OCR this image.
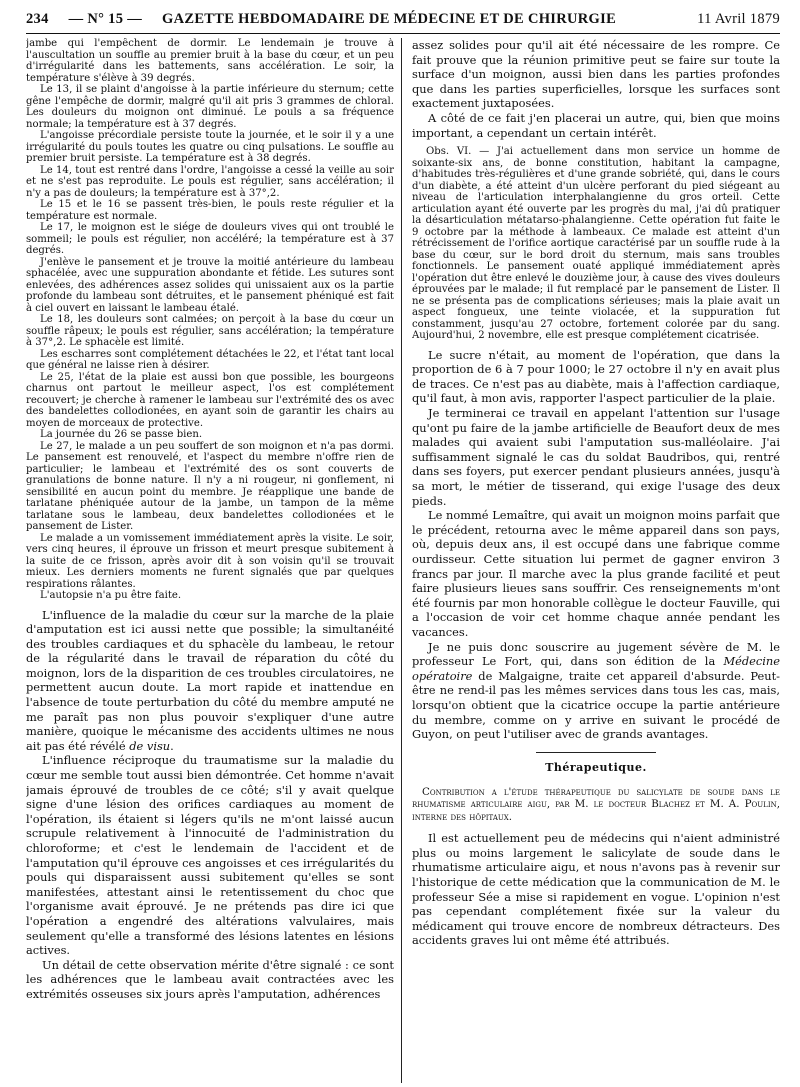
234 — N° 15 — GAZETTE HEBDOMADAIRE DE MÉDECINE ET DE CHIRURGIE	11 Avril 1879

jambe qui l'empêchent de dormir. Le lendemain je trouve à l'auscultation un souffle au premier bruit à la base du cœur, et un peu d'irrégularité dans les battements, sans accélération. Le soir, la température s'élève à 39 degrés.

Le 13, il se plaint d'angoisse à la partie inférieure du sternum; cette gêne l'empêche de dormir, malgré qu'il ait pris 3 grammes de chloral. Les douleurs du moignon ont diminué. Le pouls a sa fréquence normale; la température est à 37 degrés.

L'angoisse précordiale persiste toute la journée, et le soir il y a une irrégularité du pouls toutes les quatre ou cinq pulsations. Le souffle au premier bruit persiste. La température est à 38 degrés.

Le 14, tout est rentré dans l'ordre, l'angoisse a cessé la veille au soir et ne s'est pas reproduite. Le pouls est régulier, sans accélération; il n'y a pas de douleurs; la température est à 37°,2.

Le 15 et le 16 se passent très-bien, le pouls reste régulier et la température est normale.

Le 17, le moignon est le siége de douleurs vives qui ont troublé le sommeil; le pouls est régulier, non accéléré; la température est à 37 degrés.

J'enlève le pansement et je trouve la moitié antérieure du lambeau sphacélée, avec une suppuration abondante et fétide. Les sutures sont enlevées, des adhérences assez solides qui unissaient aux os la partie profonde du lambeau sont détruites, et le pansement phéniqué est fait à ciel ouvert en laissant le lambeau étalé.

Le 18, les douleurs sont calmées; on perçoit à la base du cœur un souffle râpeux; le pouls est régulier, sans accélération; la température à 37°,2. Le sphacèle est limité.

Les escharres sont complétement détachées le 22, et l'état tant local que général ne laisse rien à désirer.

Le 25, l'état de la plaie est aussi bon que possible, les bourgeons charnus ont partout le meilleur aspect, l'os est complétement recouvert; je cherche à ramener le lambeau sur l'extrémité des os avec des bandelettes collodionées, en ayant soin de garantir les chairs au moyen de morceaux de protective.

La journée du 26 se passe bien.

Le 27, le malade a un peu souffert de son moignon et n'a pas dormi. Le pansement est renouvelé, et l'aspect du membre n'offre rien de particulier; le lambeau et l'extrémité des os sont couverts de granulations de bonne nature. Il n'y a ni rougeur, ni gonflement, ni sensibilité en aucun point du membre. Je réapplique une bande de tarlatane phéniquée autour de la jambe, un tampon de la même tarlatane sous le lambeau, deux bandelettes collodionées et le pansement de Lister.

Le malade a un vomissement immédiatement après la visite. Le soir, vers cinq heures, il éprouve un frisson et meurt presque subitement à la suite de ce frisson, après avoir dit à son voisin qu'il se trouvait mieux. Les derniers moments ne furent signalés que par quelques respirations râlantes.

L'autopsie n'a pu être faite.

L'influence de la maladie du cœur sur la marche de la plaie d'amputation est ici aussi nette que possible; la simultanéité des troubles cardiaques et du sphacèle du lambeau, le retour de la régularité dans le travail de réparation du côté du moignon, lors de la disparition de ces troubles circulatoires, ne permettent aucun doute. La mort rapide et inattendue en l'absence de toute perturbation du côté du membre amputé ne me paraît pas non plus pouvoir s'expliquer d'une autre manière, quoique le mécanisme des accidents ultimes ne nous ait pas été révélé de visu.

L'influence réciproque du traumatisme sur la maladie du cœur me semble tout aussi bien démontrée. Cet homme n'avait jamais éprouvé de troubles de ce côté; s'il y avait quelque signe d'une lésion des orifices cardiaques au moment de l'opération, ils étaient si légers qu'ils ne m'ont laissé aucun scrupule relativement à l'innocuité de l'administration du chloroforme; et c'est le lendemain de l'accident et de l'amputation qu'il éprouve ces angoisses et ces irrégularités du pouls qui disparaissent aussi subitement qu'elles se sont manifestées, attestant ainsi le retentissement du choc que l'organisme avait éprouvé. Je ne prétends pas dire ici que l'opération a engendré des altérations valvulaires, mais seulement qu'elle a transformé des lésions latentes en lésions actives.

Un détail de cette observation mérite d'être signalé : ce sont les adhérences que le lambeau avait contractées avec les extrémités osseuses six jours après l'amputation, adhérences

assez solides pour qu'il ait été nécessaire de les rompre. Ce fait prouve que la réunion primitive peut se faire sur toute la surface d'un moignon, aussi bien dans les parties profondes que dans les parties superficielles, lorsque les surfaces sont exactement juxtaposées.

A côté de ce fait j'en placerai un autre, qui, bien que moins important, a cependant un certain intérêt.

Obs. VI. — J'ai actuellement dans mon service un homme de soixante-six ans, de bonne constitution, habitant la campagne, d'habitudes très-régulières et d'une grande sobriété, qui, dans le cours d'un diabète, a été atteint d'un ulcère perforant du pied siégeant au niveau de l'articulation interphalangienne du gros orteil. Cette articulation ayant été ouverte par les progrès du mal, j'ai dû pratiquer la désarticulation métatarso-phalangienne. Cette opération fut faite le 9 octobre par la méthode à lambeaux. Ce malade est atteint d'un rétrécissement de l'orifice aortique caractérisé par un souffle rude à la base du cœur, sur le bord droit du sternum, mais sans troubles fonctionnels. Le pansement ouaté appliqué immédiatement après l'opération dut être enlevé le douzième jour, à cause des vives douleurs éprouvées par le malade; il fut remplacé par le pansement de Lister. Il ne se présenta pas de complications sérieuses; mais la plaie avait un aspect fongueux, une teinte violacée, et la suppuration fut constamment, jusqu'au 27 octobre, fortement colorée par du sang. Aujourd'hui, 2 novembre, elle est presque complétement cicatrisée.

Le sucre n'était, au moment de l'opération, que dans la proportion de 6 à 7 pour 1000; le 27 octobre il n'y en avait plus de traces. Ce n'est pas au diabète, mais à l'affection cardiaque, qu'il faut, à mon avis, rapporter l'aspect particulier de la plaie.

Je terminerai ce travail en appelant l'attention sur l'usage qu'ont pu faire de la jambe artificielle de Beaufort deux de mes malades qui avaient subi l'amputation sus-malléolaire. J'ai suffisamment signalé le cas du soldat Baudribos, qui, rentré dans ses foyers, put exercer pendant plusieurs années, jusqu'à sa mort, le métier de tisserand, qui exige l'usage des deux pieds.

Le nommé Lemaître, qui avait un moignon moins parfait que le précédent, retourna avec le même appareil dans son pays, où, depuis deux ans, il est occupé dans une fabrique comme ourdisseur. Cette situation lui permet de gagner environ 3 francs par jour. Il marche avec la plus grande facilité et peut faire plusieurs lieues sans souffrir. Ces renseignements m'ont été fournis par mon honorable collègue le docteur Fauville, qui a l'occasion de voir cet homme chaque année pendant les vacances.

Je ne puis donc souscrire au jugement sévère de M. le professeur Le Fort, qui, dans son édition de la Médecine opératoire de Malgaigne, traite cet appareil d'absurde. Peut-être ne rend-il pas les mêmes services dans tous les cas, mais, lorsqu'on obtient que la cicatrice occupe la partie antérieure du membre, comme on y arrive en suivant le procédé de Guyon, on peut l'utiliser avec de grands avantages.

Thérapeutique.

Contribution a l'étude thérapeutique du salicylate de soude dans le rhumatisme articulaire aigu, par M. le docteur Blachez et M. A. Poulin, interne des hôpitaux.

Il est actuellement peu de médecins qui n'aient administré plus ou moins largement le salicylate de soude dans le rhumatisme articulaire aigu, et nous n'avons pas à revenir sur l'historique de cette médication que la communication de M. le professeur Sée a mise si rapidement en vogue. L'opinion n'est pas cependant complétement fixée sur la valeur du médicament qui trouve encore de nombreux détracteurs. Des accidents graves lui ont même été attribués.
